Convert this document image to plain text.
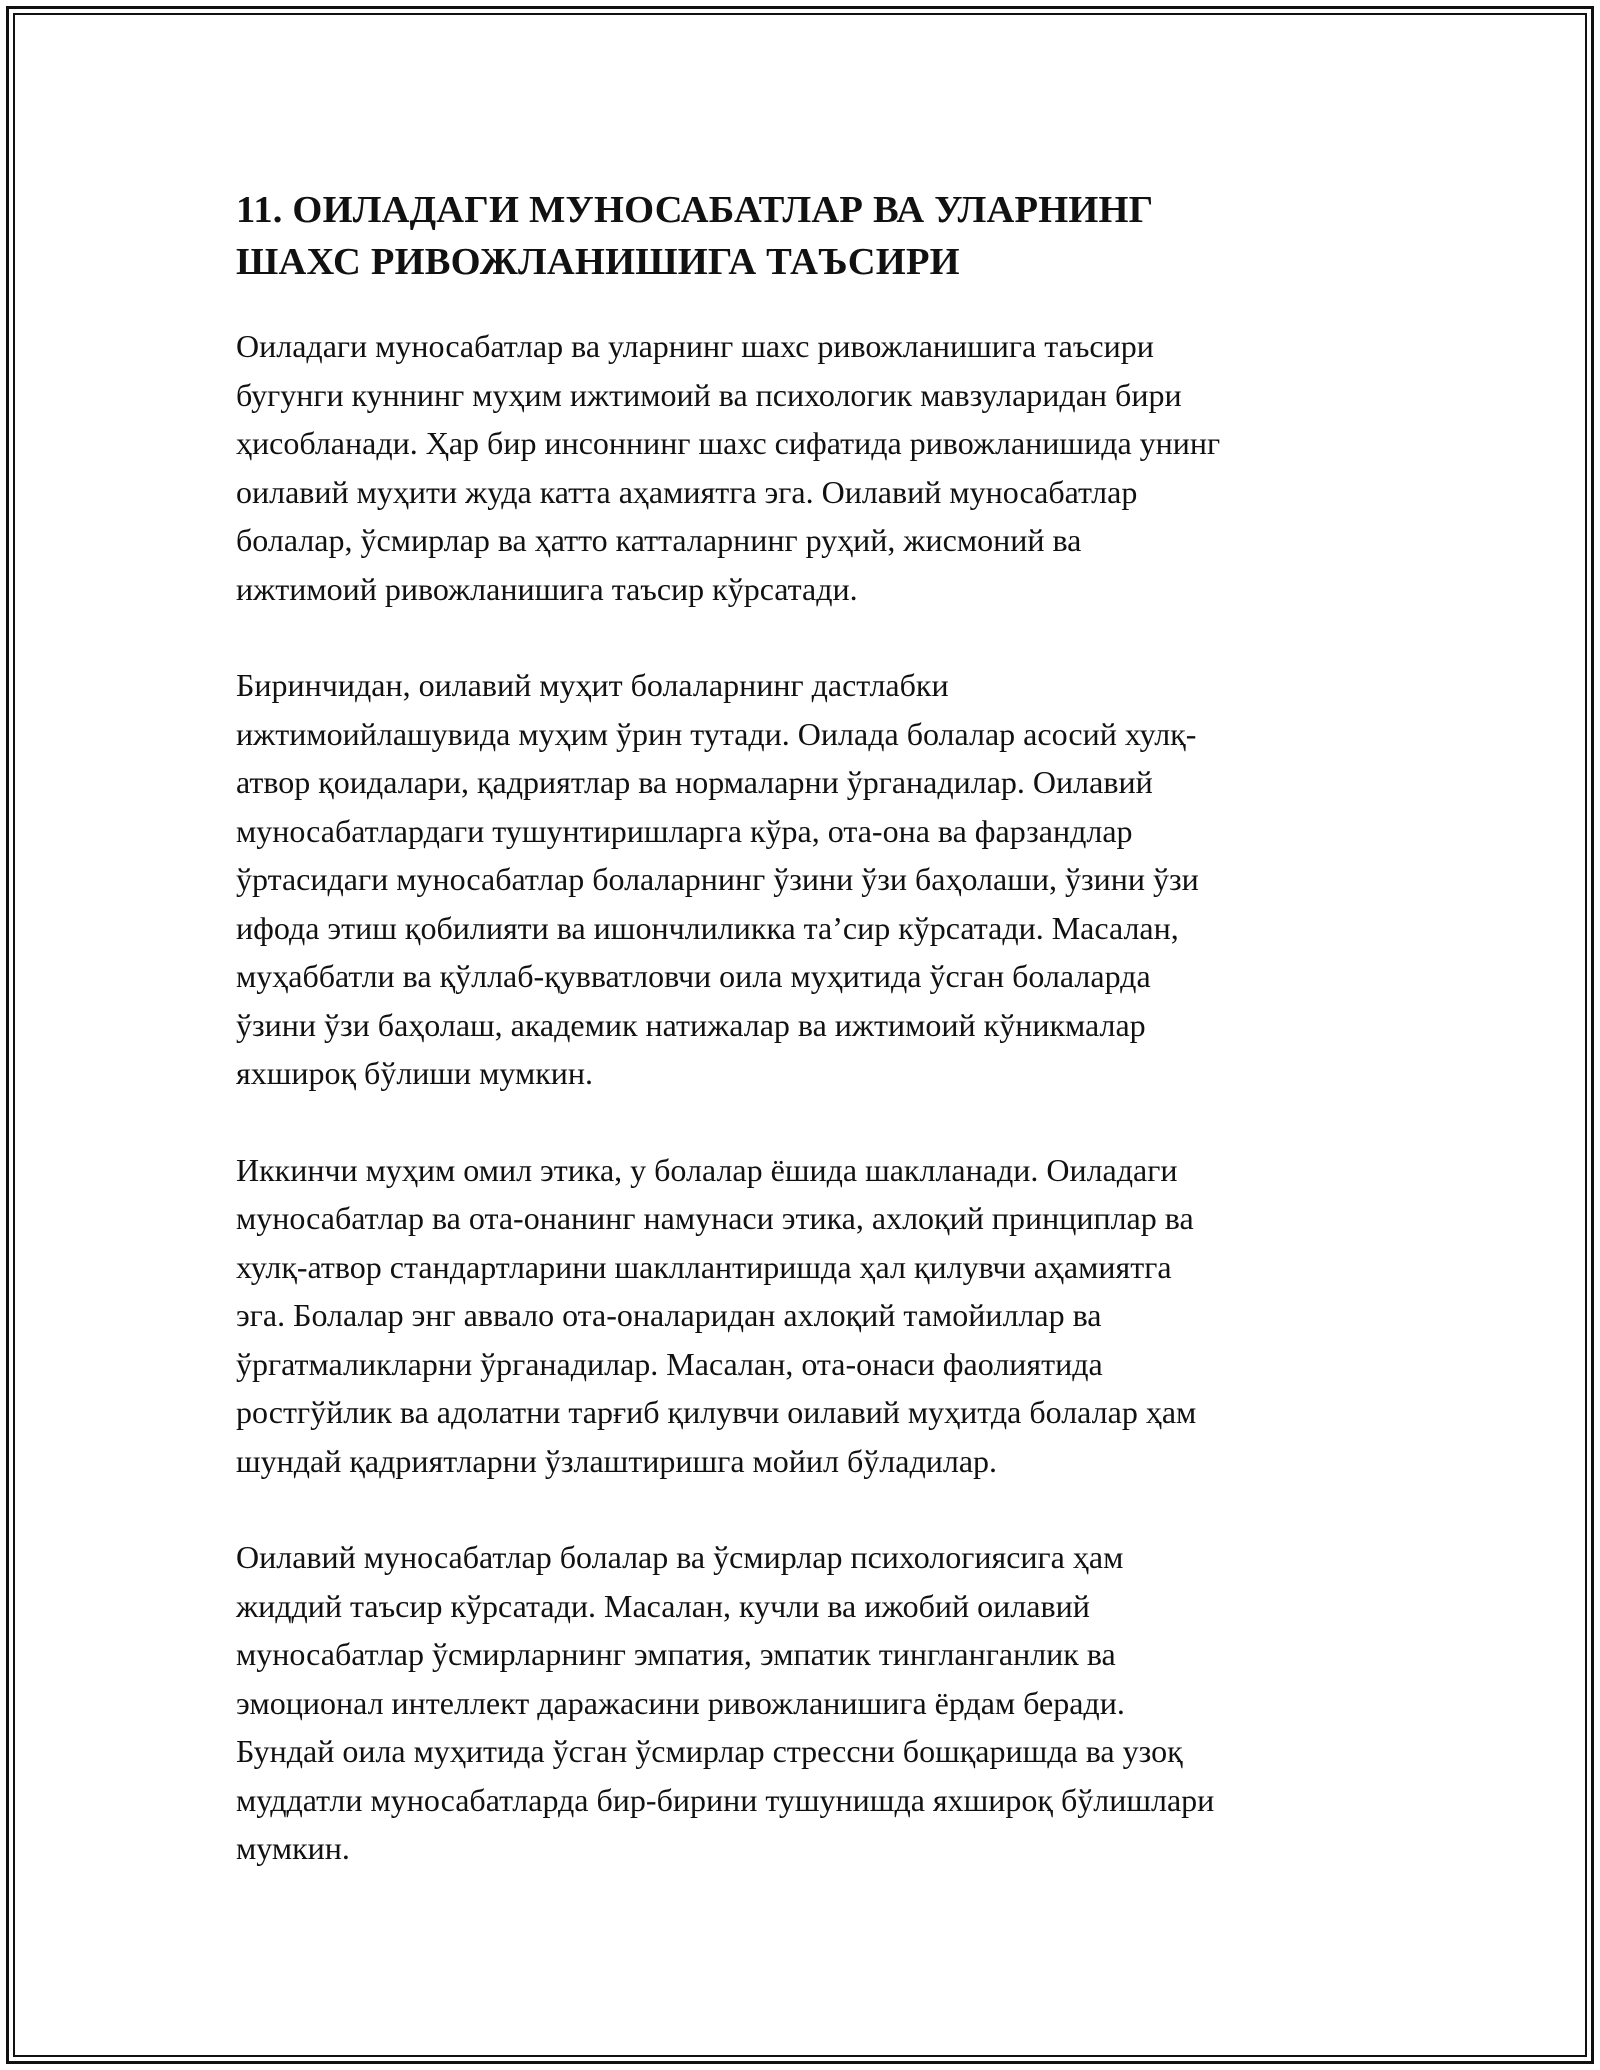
11. ОИЛАДАГИ МУНОСАБАТЛАР ВА УЛАРНИНГ
ШАХС РИВОЖЛАНИШИГА ТАЪСИРИ

Оиладаги муносабатлар ва уларнинг шахс ривожланишига таъсири
бугунги куннинг муҳим ижтимоий ва психологик мавзуларидан бири
ҳисобланади. Ҳар бир инсоннинг шахс сифатида ривожланишида унинг
оилавий муҳити жуда катта аҳамиятга эга. Оилавий муносабатлар
болалар, ўсмирлар ва ҳатто катталарнинг руҳий, жисмоний ва
ижтимоий ривожланишига таъсир кўрсатади.

Биринчидан, оилавий муҳит болаларнинг дастлабки
ижтимоийлашувида муҳим ўрин тутади. Оилада болалар асосий хулқ-
атвор қоидалари, қадриятлар ва нормаларни ўрганадилар. Оилавий
муносабатлардаги тушунтиришларга кўра, ота-она ва фарзандлар
ўртасидаги муносабатлар болаларнинг ўзини ўзи баҳолаши, ўзини ўзи
ифода этиш қобилияти ва ишончлиликка таʼсир кўрсатади. Масалан,
муҳаббатли ва қўллаб-қувватловчи оила муҳитида ўсган болаларда
ўзини ўзи баҳолаш, академик натижалар ва ижтимоий кўникмалар
яхшироқ бўлиши мумкин.

Иккинчи муҳим омил этика, у болалар ёшида шаклланади. Оиладаги
муносабатлар ва ота-онанинг намунаси этика, ахлоқий принциплар ва
хулқ-атвор стандартларини шакллантиришда ҳал қилувчи аҳамиятга
эга. Болалар энг аввало ота-оналаридан ахлоқий тамойиллар ва
ўргатмаликларни ўрганадилар. Масалан, ота-онаси фаолиятида
ростгўйлик ва адолатни тарғиб қилувчи оилавий муҳитда болалар ҳам
шундай қадриятларни ўзлаштиришга мойил бўладилар.

Оилавий муносабатлар болалар ва ўсмирлар психологиясига ҳам
жиддий таъсир кўрсатади. Масалан, кучли ва ижобий оилавий
муносабатлар ўсмирларнинг эмпатия, эмпатик тингланганлик ва
эмоционал интеллект даражасини ривожланишига ёрдам беради.
Бундай оила муҳитида ўсган ўсмирлар стрессни бошқаришда ва узоқ
муддатли муносабатларда бир-бирини тушунишда яхшироқ бўлишлари
мумкин.
